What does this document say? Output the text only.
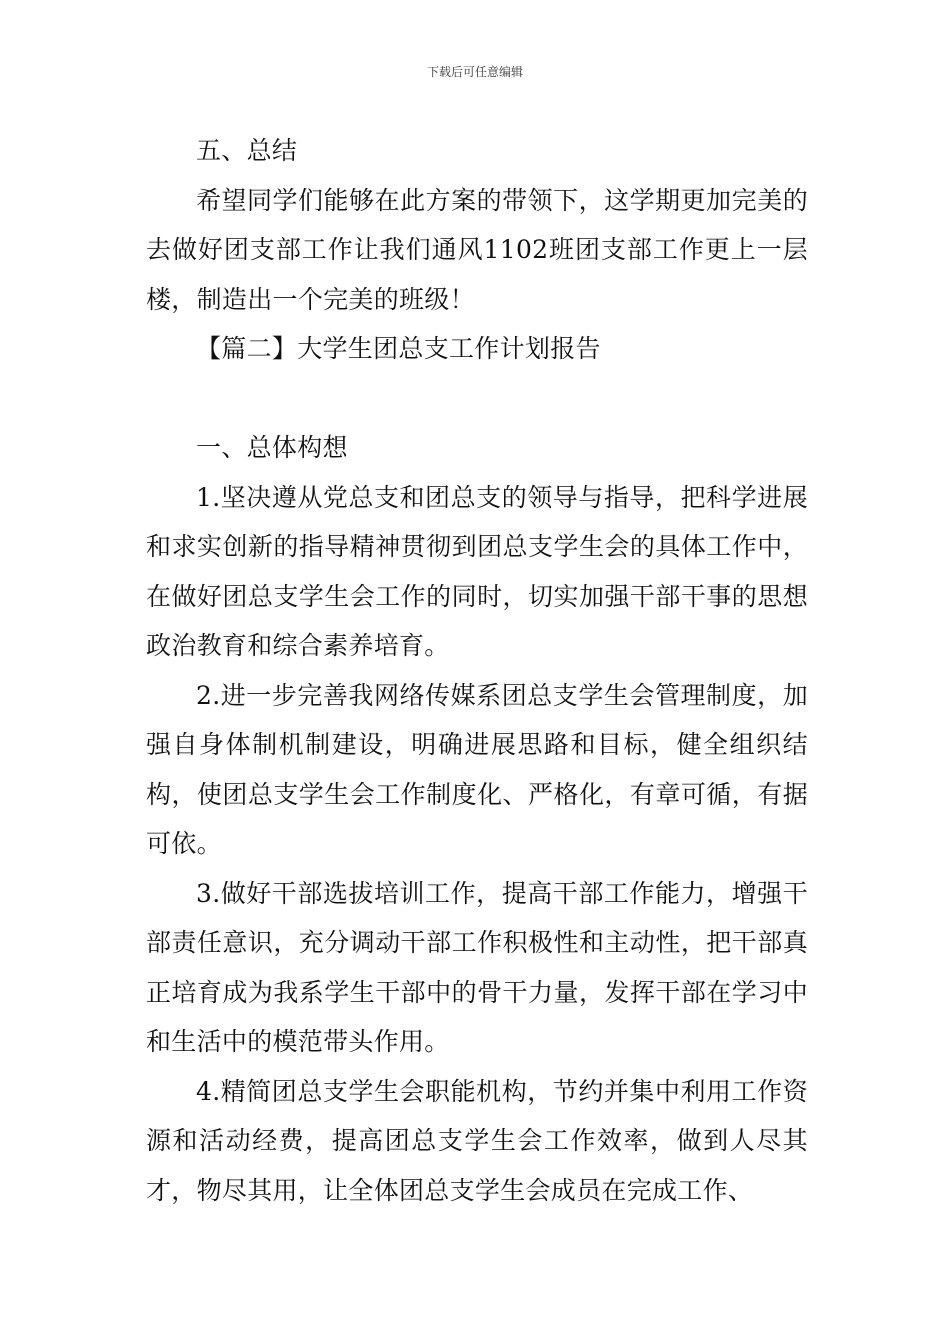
下载后可任意编辑

五、总结

希望同学们能够在此方案的带领下，这学期更加完美的去做好团支部工作让我们通风1102班团支部工作更上一层楼，制造出一个完美的班级！

【篇二】大学生团总支工作计划报告

一、总体构想

1.坚决遵从党总支和团总支的领导与指导，把科学进展和求实创新的指导精神贯彻到团总支学生会的具体工作中，在做好团总支学生会工作的同时，切实加强干部干事的思想政治教育和综合素养培育。

2.进一步完善我网络传媒系团总支学生会管理制度，加强自身体制机制建设，明确进展思路和目标，健全组织结构，使团总支学生会工作制度化、严格化，有章可循，有据可依。

3.做好干部选拔培训工作，提高干部工作能力，增强干部责任意识，充分调动干部工作积极性和主动性，把干部真正培育成为我系学生干部中的骨干力量，发挥干部在学习中和生活中的模范带头作用。

4.精简团总支学生会职能机构，节约并集中利用工作资源和活动经费，提高团总支学生会工作效率，做到人尽其才，物尽其用，让全体团总支学生会成员在完成工作、
